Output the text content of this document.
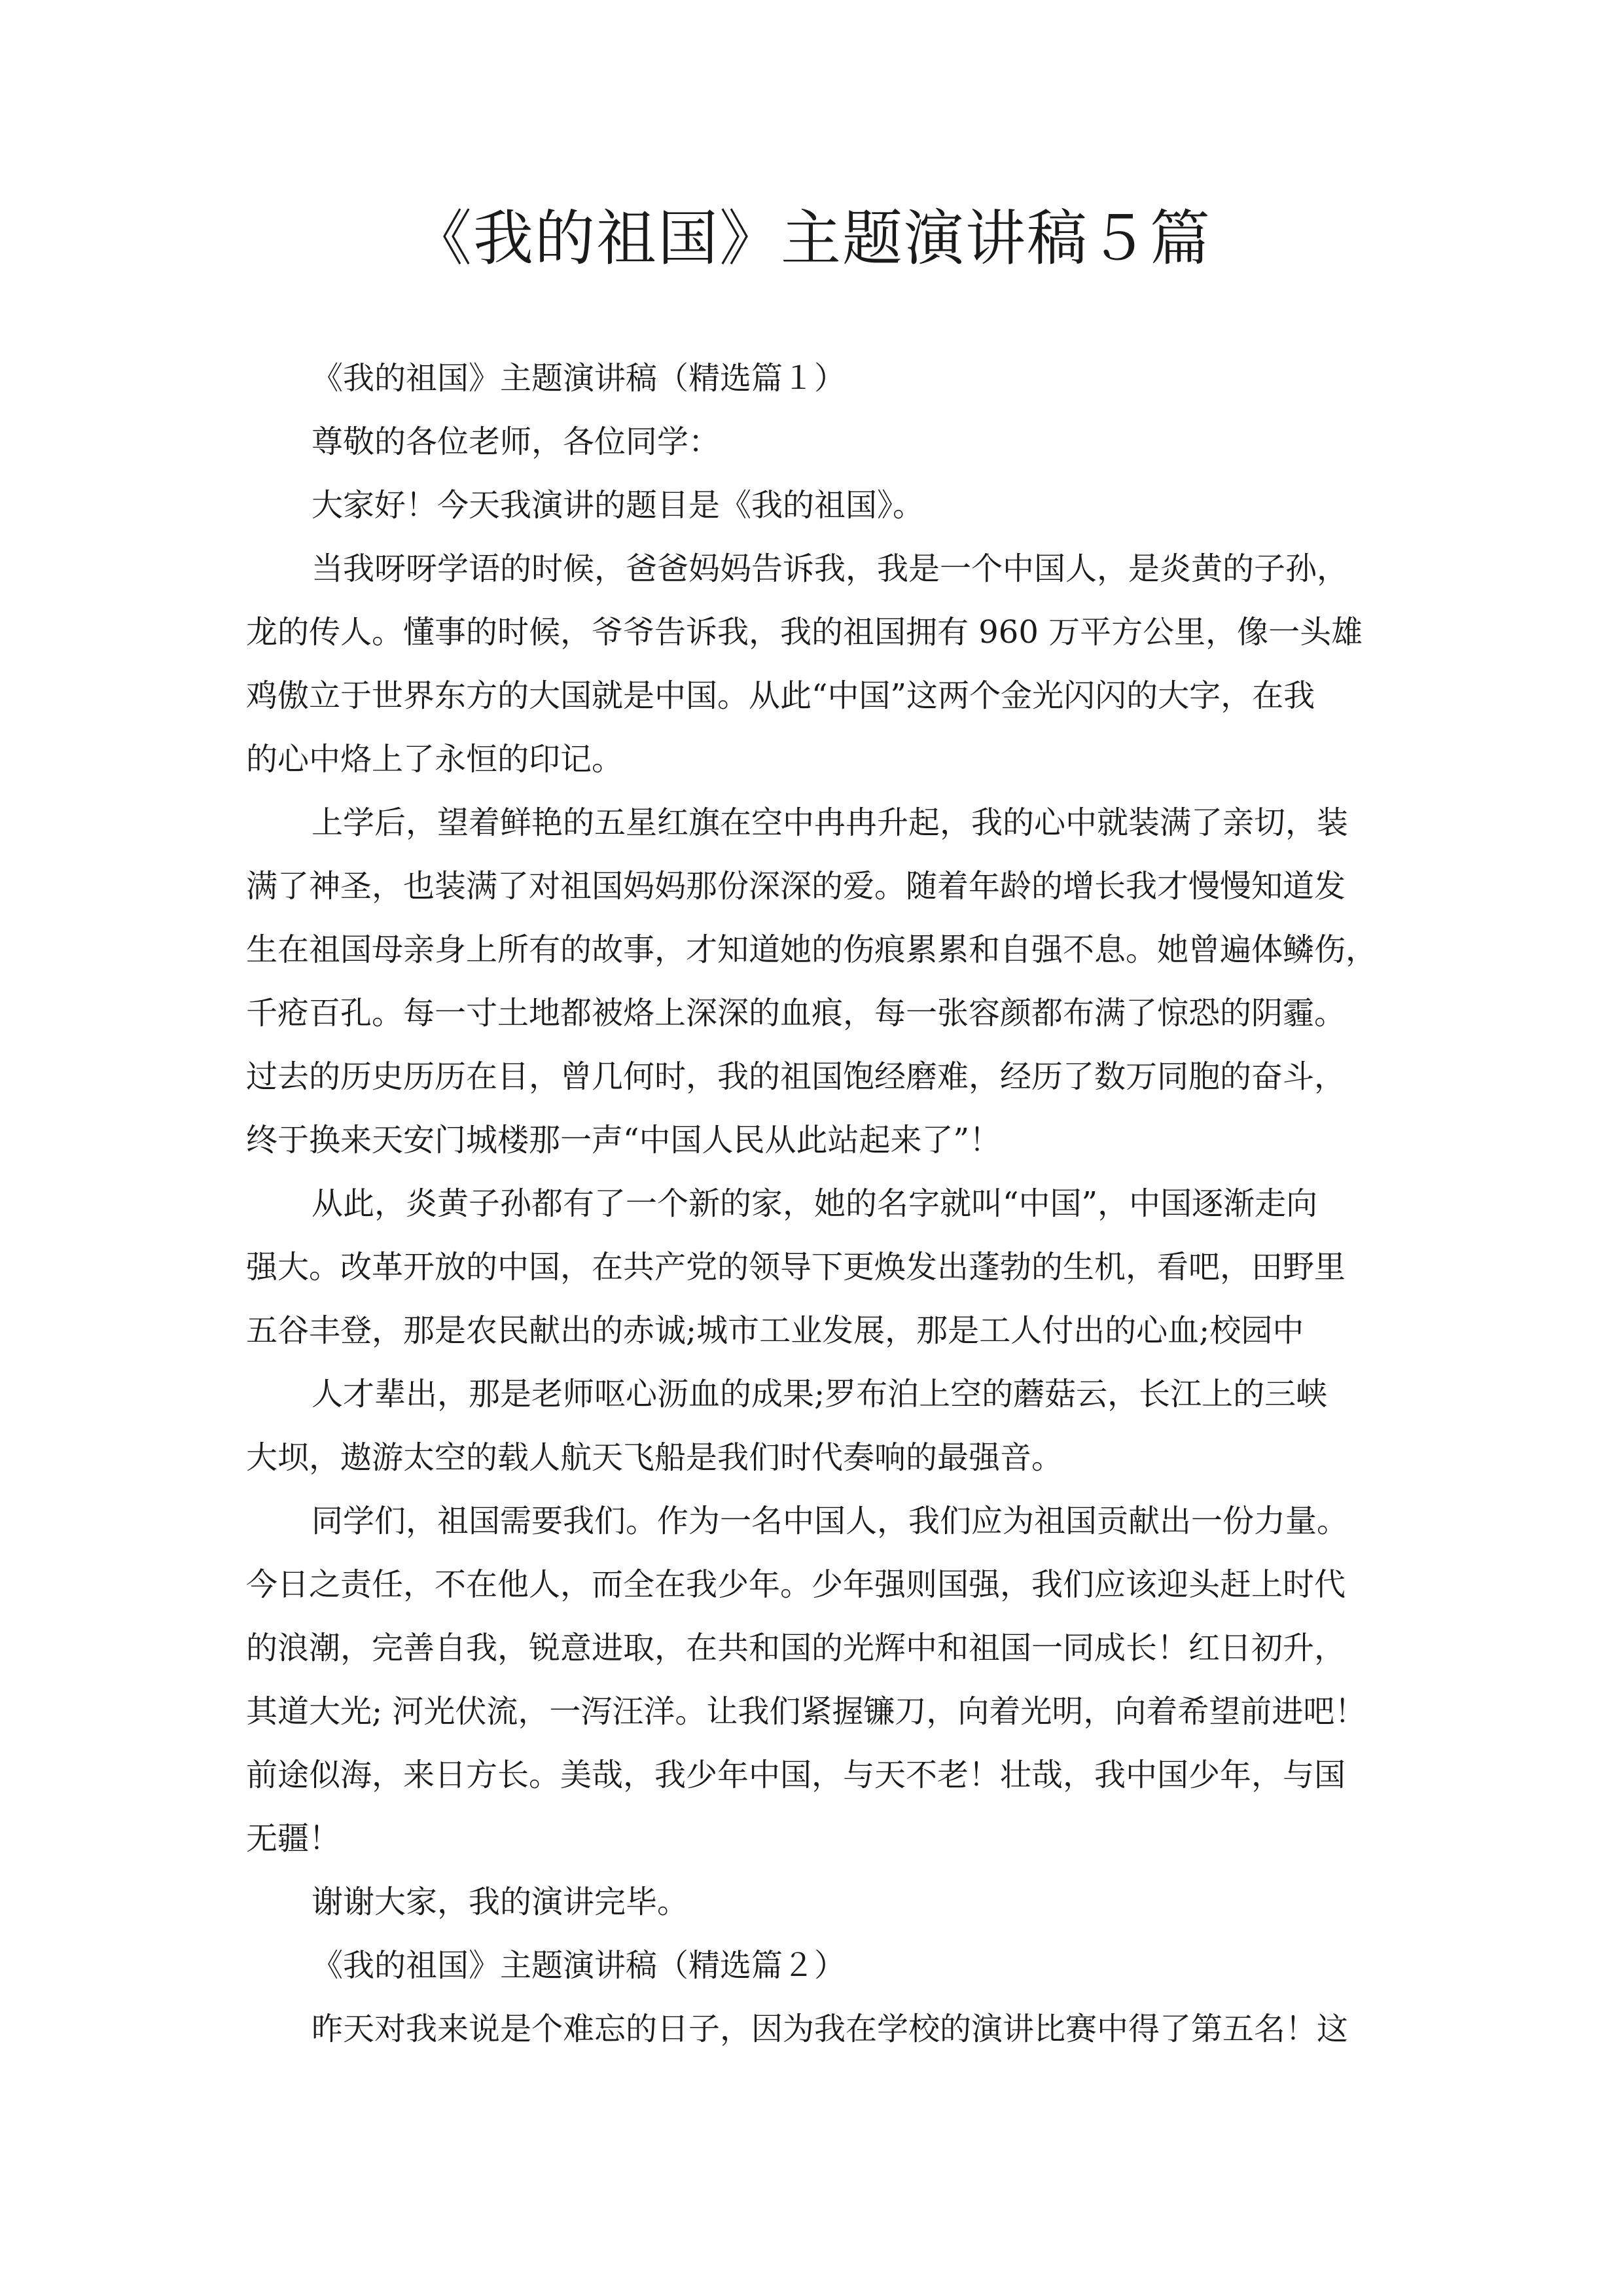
《我的祖国》主题演讲稿５篇
《我的祖国》主题演讲稿（精选篇１）
尊敬的各位老师，各位同学：
大家好！今天我演讲的题目是《我的祖国》。
当我呀呀学语的时候，爸爸妈妈告诉我，我是一个中国人，是炎黄的子孙，
龙的传人。懂事的时候，爷爷告诉我，我的祖国拥有 960 万平方公里，像一头雄
鸡傲立于世界东方的大国就是中国。从此“中国”这两个金光闪闪的大字，在我
的心中烙上了永恒的印记。
上学后，望着鲜艳的五星红旗在空中冉冉升起，我的心中就装满了亲切，装
满了神圣，也装满了对祖国妈妈那份深深的爱。随着年龄的增长我才慢慢知道发
生在祖国母亲身上所有的故事，才知道她的伤痕累累和自强不息。她曾遍体鳞伤，
千疮百孔。每一寸土地都被烙上深深的血痕，每一张容颜都布满了惊恐的阴霾。
过去的历史历历在目，曾几何时，我的祖国饱经磨难，经历了数万同胞的奋斗，
终于换来天安门城楼那一声“中国人民从此站起来了”！
从此，炎黄子孙都有了一个新的家，她的名字就叫“中国”，中国逐渐走向
强大。改革开放的中国，在共产党的领导下更焕发出蓬勃的生机，看吧，田野里
五谷丰登，那是农民献出的赤诚;城市工业发展，那是工人付出的心血;校园中
人才辈出，那是老师呕心沥血的成果;罗布泊上空的蘑菇云，长江上的三峡
大坝，遨游太空的载人航天飞船是我们时代奏响的最强音。
同学们，祖国需要我们。作为一名中国人，我们应为祖国贡献出一份力量。
今日之责任，不在他人，而全在我少年。少年强则国强，我们应该迎头赶上时代
的浪潮，完善自我，锐意进取，在共和国的光辉中和祖国一同成长！红日初升，
其道大光; 河光伏流，一泻汪洋。让我们紧握镰刀，向着光明，向着希望前进吧！
前途似海，来日方长。美哉，我少年中国，与天不老！壮哉，我中国少年，与国
无疆！
谢谢大家，我的演讲完毕。
《我的祖国》主题演讲稿（精选篇２）
昨天对我来说是个难忘的日子，因为我在学校的演讲比赛中得了第五名！这
